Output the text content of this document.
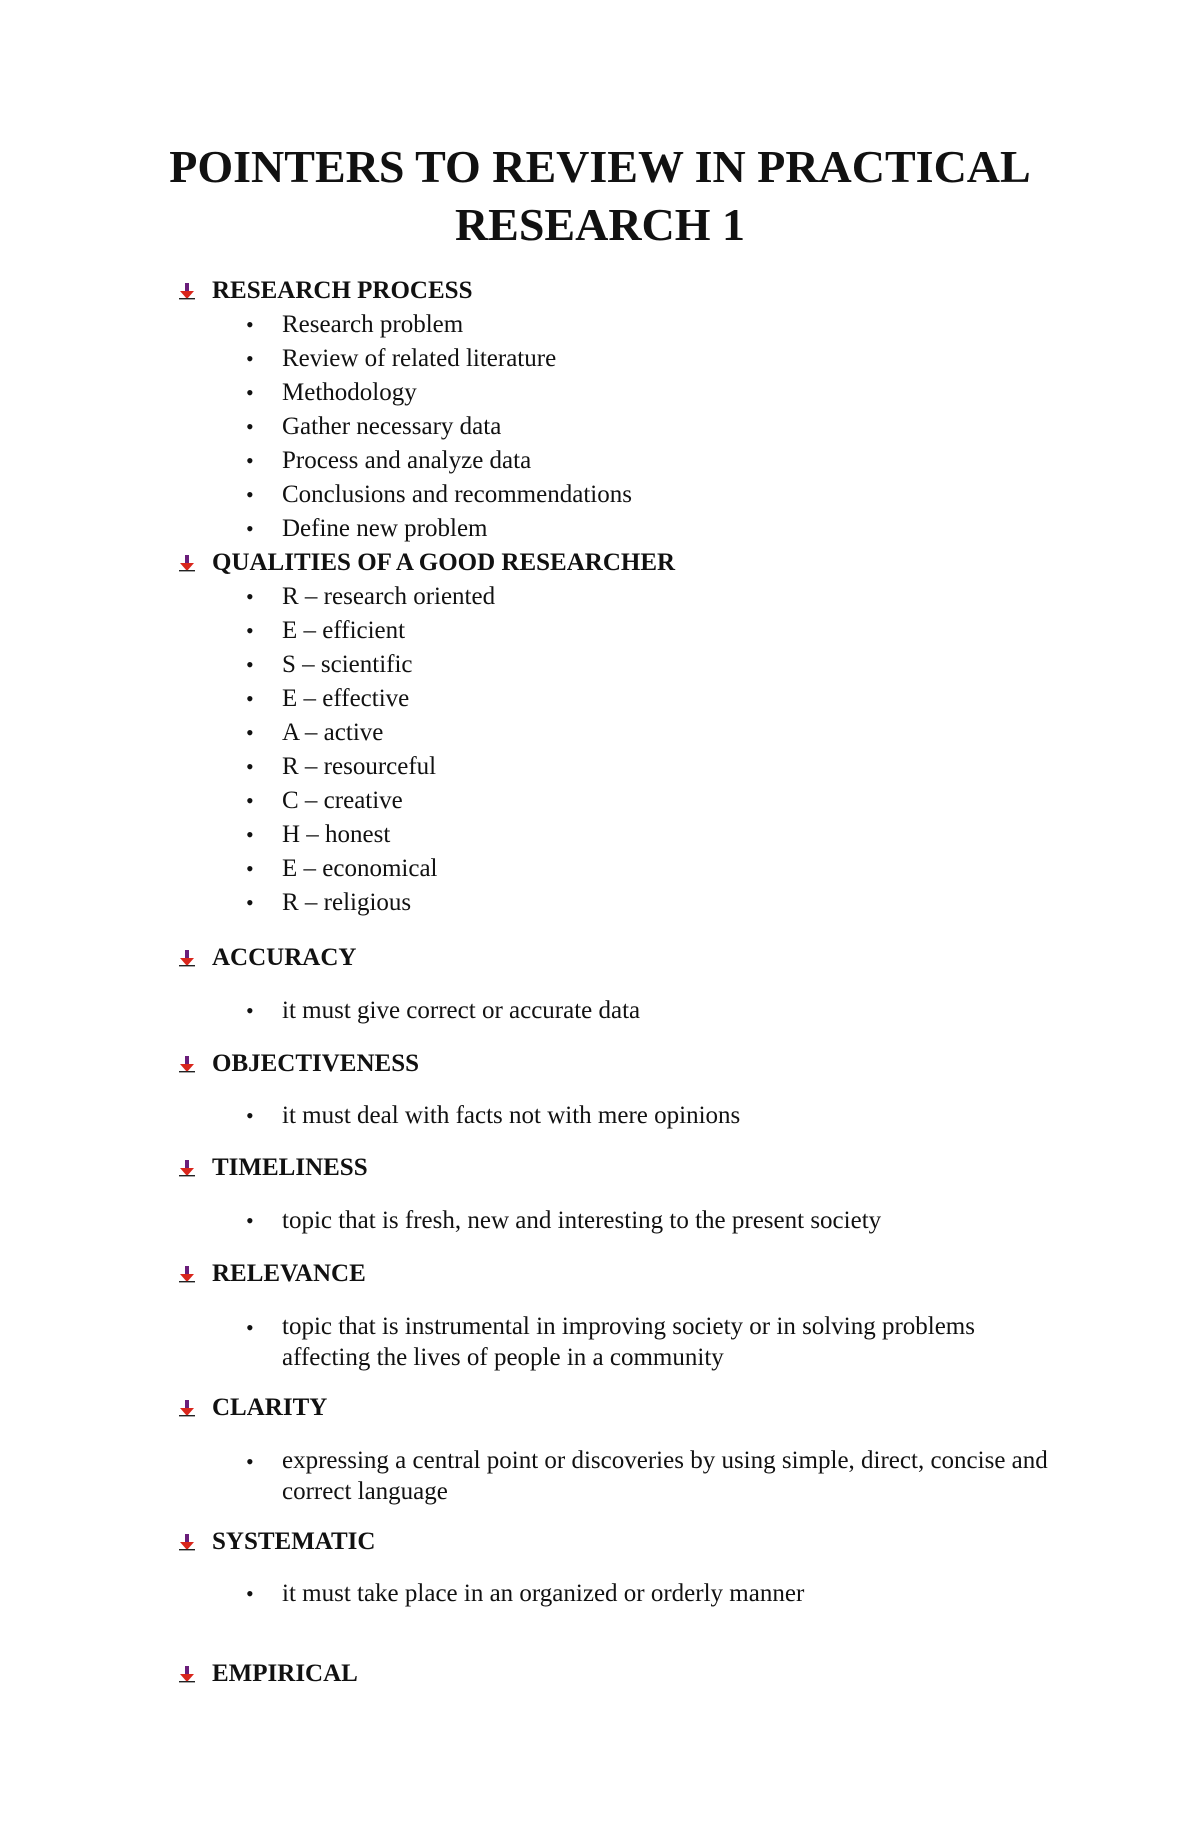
POINTERS TO REVIEW IN PRACTICAL
RESEARCH 1
RESEARCH PROCESS
•	Research problem
•	Review of related literature
•	Methodology
•	Gather necessary data
•	Process and analyze data
•	Conclusions and recommendations
•	Define new problem
QUALITIES OF A GOOD RESEARCHER
•	R – research oriented
•	E – efficient
•	S – scientific
•	E – effective
•	A – active
•	R – resourceful
•	C – creative
•	H – honest
•	E – economical
•	R – religious
ACCURACY
•	it must give correct or accurate data
OBJECTIVENESS
•	it must deal with facts not with mere opinions
TIMELINESS
•	topic that is fresh, new and interesting to the present society
RELEVANCE
•	topic that is instrumental in improving society or in solving problems affecting the lives of people in a community
CLARITY
•	expressing a central point or discoveries by using simple, direct, concise and correct language
SYSTEMATIC
•	it must take place in an organized or orderly manner
EMPIRICAL
